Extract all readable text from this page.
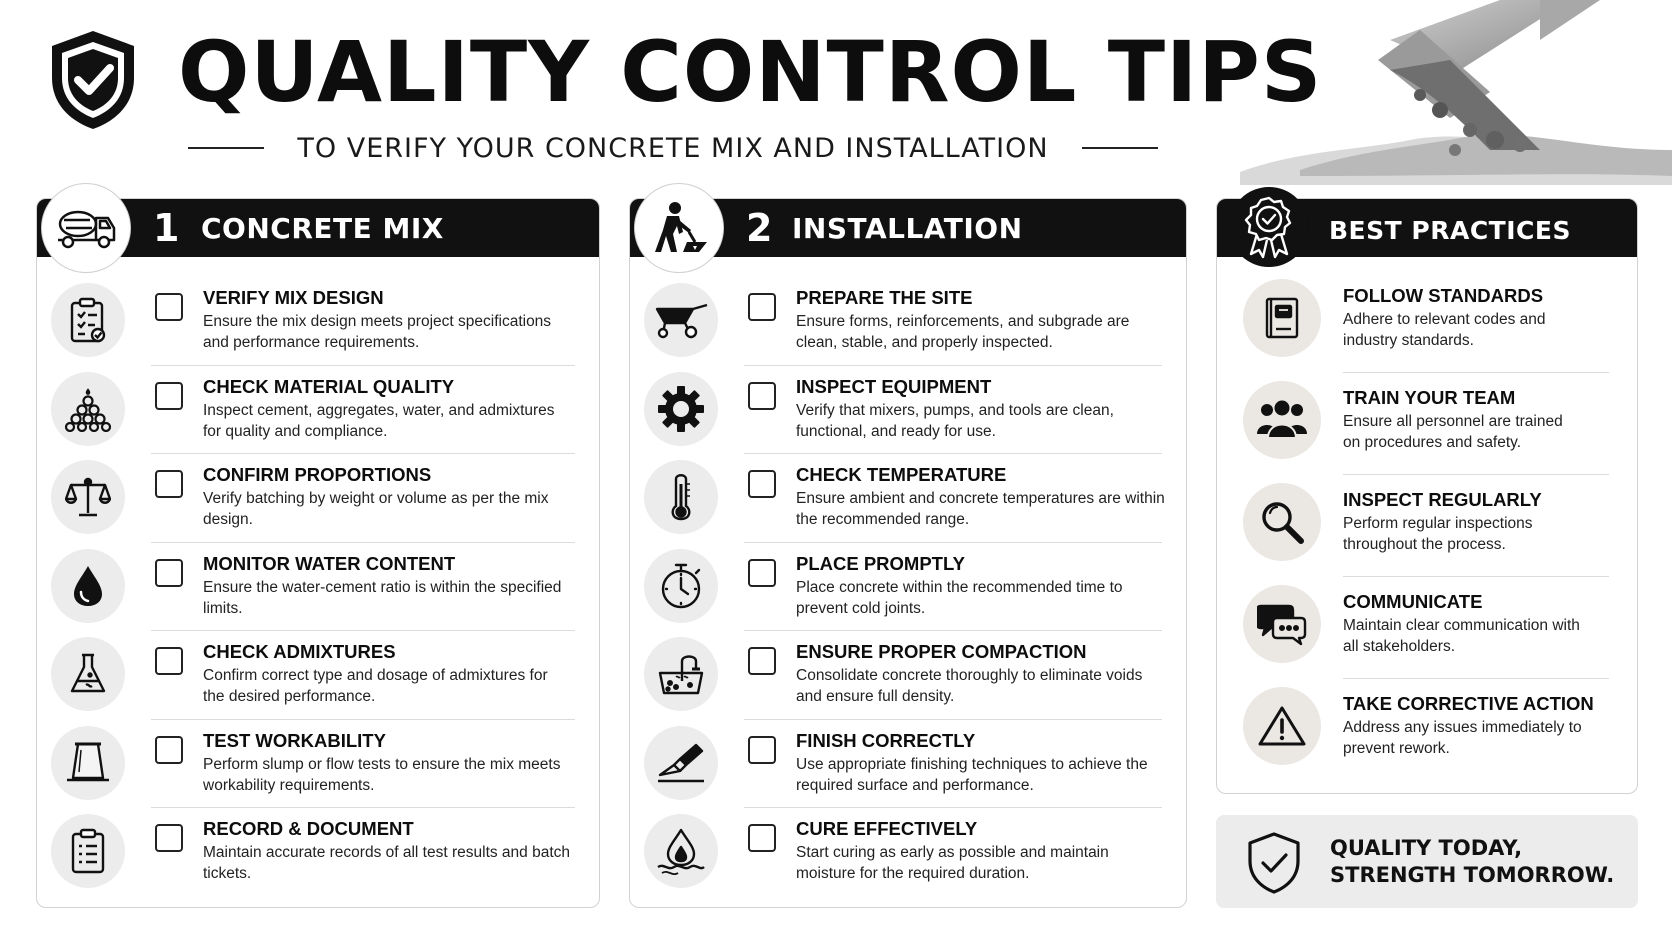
QUALITY CONTROL TIPS
TO VERIFY YOUR CONCRETE MIX AND INSTALLATION
1 CONCRETE MIX
VERIFY MIX DESIGN
Ensure the mix design meets project specifications and performance requirements.
CHECK MATERIAL QUALITY
Inspect cement, aggregates, water, and admixtures for quality and compliance.
CONFIRM PROPORTIONS
Verify batching by weight or volume as per the mix design.
MONITOR WATER CONTENT
Ensure the water-cement ratio is within the specified limits.
CHECK ADMIXTURES
Confirm correct type and dosage of admixtures for the desired performance.
TEST WORKABILITY
Perform slump or flow tests to ensure the mix meets workability requirements.
RECORD & DOCUMENT
Maintain accurate records of all test results and batch tickets.
2 INSTALLATION
PREPARE THE SITE
Ensure forms, reinforcements, and subgrade are clean, stable, and properly inspected.
INSPECT EQUIPMENT
Verify that mixers, pumps, and tools are clean, functional, and ready for use.
CHECK TEMPERATURE
Ensure ambient and concrete temperatures are within the recommended range.
PLACE PROMPTLY
Place concrete within the recommended time to prevent cold joints.
ENSURE PROPER COMPACTION
Consolidate concrete thoroughly to eliminate voids and ensure full density.
FINISH CORRECTLY
Use appropriate finishing techniques to achieve the required surface and performance.
CURE EFFECTIVELY
Start curing as early as possible and maintain moisture for the required duration.
BEST PRACTICES
FOLLOW STANDARDS
Adhere to relevant codes and industry standards.
TRAIN YOUR TEAM
Ensure all personnel are trained on procedures and safety.
INSPECT REGULARLY
Perform regular inspections throughout the process.
COMMUNICATE
Maintain clear communication with all stakeholders.
TAKE CORRECTIVE ACTION
Address any issues immediately to prevent rework.
QUALITY TODAY,
STRENGTH TOMORROW.
